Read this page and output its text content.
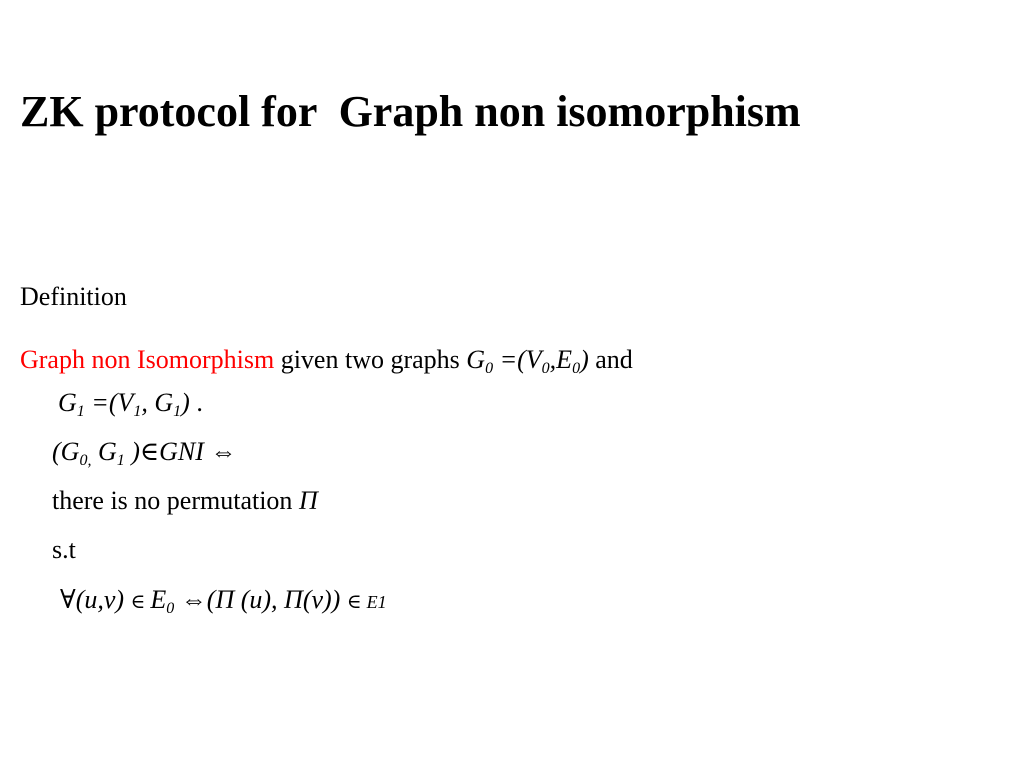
ZK protocol for  Graph non isomorphism

Definition

Graph non Isomorphism given two graphs $G_0 =(V_0,E_0)$ and

$G_1 =(V_1$, $G_1$) .

($G_{0,}$ $G_1$ )∈GNI ⇔

there is no permutation Π

s.t

∀(u,v) ∈ $E_0$ ⇔(Π (u), Π(v)) ∈ E1
